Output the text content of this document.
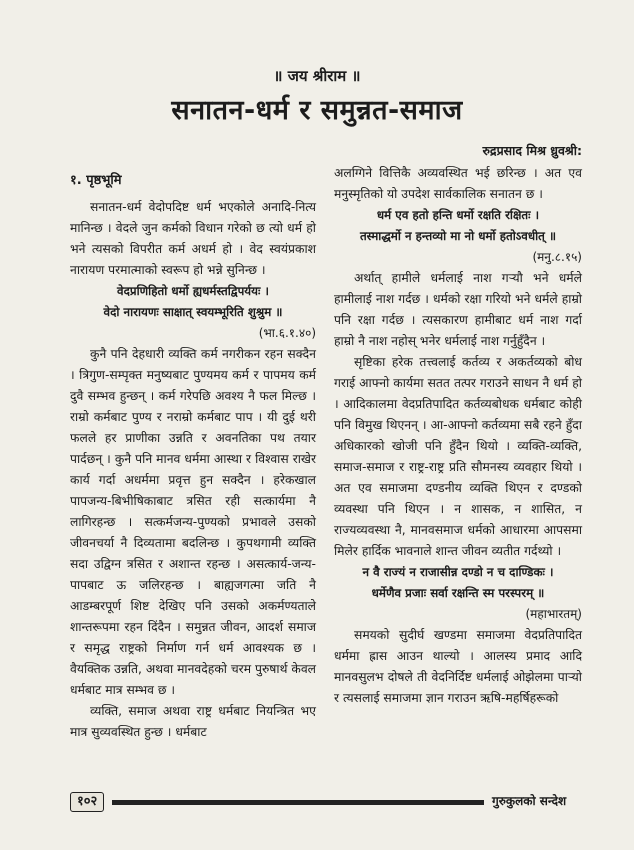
॥ जय श्रीराम ॥
सनातन-धर्म र समुन्नत-समाज
१. पृष्ठभूमि

सनातन-धर्म वेदोपदिष्ट धर्म भएकोले अनादि-नित्य मानिन्छ । वेदले जुन कर्मको विधान गरेको छ त्यो धर्म हो भने त्यसको विपरीत कर्म अधर्म हो । वेद स्वयंप्रकाश नारायण परमात्माको स्वरूप हो भन्ने सुनिन्छ ।

वेदप्रणिहितो धर्मो ह्यधर्मस्तद्विपर्ययः ।
वेदो नारायणः साक्षात् स्वयम्भूरिति शुश्रुम ॥
(भा.६.१.४०)

कुनै पनि देहधारी व्यक्ति कर्म नगरीकन रहन सक्दैन । त्रिगुण-सम्पृक्त मनुष्यबाट पुण्यमय कर्म र पापमय कर्म दुवै सम्भव हुन्छन् । कर्म गरेपछि अवश्य नै फल मिल्छ । राम्रो कर्मबाट पुण्य र नराम्रो कर्मबाट पाप । यी दुई थरी फलले हर प्राणीका उन्नति र अवनतिका पथ तयार पार्दछन् । कुनै पनि मानव धर्ममा आस्था र विश्वास राखेर कार्य गर्दा अधर्ममा प्रवृत्त हुन सक्दैन । हरेकखाल पापजन्य-बिभीषिकाबाट त्रसित रही सत्कार्यमा नै लागिरहन्छ । सत्कर्मजन्य-पुण्यको प्रभावले उसको जीवनचर्या नै दिव्यतामा बदलिन्छ । कुपथगामी व्यक्ति सदा उद्विग्न त्रसित र अशान्त रहन्छ । असत्कार्य-जन्य-पापबाट ऊ जलिरहन्छ । बाह्यजगत्मा जति नै आडम्बरपूर्ण शिष्ट देखिए पनि उसको अकर्मण्यताले शान्तरूपमा रहन दिंदैन । समुन्नत जीवन, आदर्श समाज र समृद्ध राष्ट्रको निर्माण गर्न धर्म आवश्यक छ । वैयक्तिक उन्नति, अथवा मानवदेहको चरम पुरुषार्थ केवल धर्मबाट मात्र सम्भव छ ।

व्यक्ति, समाज अथवा राष्ट्र धर्मबाट नियन्त्रित भए मात्र सुव्यवस्थित हुन्छ । धर्मबाट

रुद्रप्रसाद मिश्र ध्रुवश्री:

अलग्गिने वित्तिकै अव्यवस्थित भई छरिन्छ । अत एव मनुस्मृतिको यो उपदेश सार्वकालिक सनातन छ ।

धर्म एव हतो हन्ति धर्मो रक्षति रक्षितः ।
तस्माद्धर्मो न हन्तव्यो मा नो धर्मो हतोऽवधीत् ॥
(मनु.८.१५)

अर्थात् हामीले धर्मलाई नाश गऱ्यौ भने धर्मले हामीलाई नाश गर्दछ । धर्मको रक्षा गरियो भने धर्मले हाम्रो पनि रक्षा गर्दछ । त्यसकारण हामीबाट धर्म नाश गर्दा हाम्रो नै नाश नहोस् भनेर धर्मलाई नाश गर्नुहुँदैन ।

सृष्टिका हरेक तत्त्वलाई कर्तव्य र अकर्तव्यको बोध गराई आफ्नो कार्यमा सतत तत्पर गराउने साधन नै धर्म हो । आदिकालमा वेदप्रतिपादित कर्तव्यबोधक धर्मबाट कोही पनि विमुख थिएनन् । आ-आफ्नो कर्तव्यमा सबै रहने हुँदा अधिकारको खोजी पनि हुँदैन थियो । व्यक्ति-व्यक्ति, समाज-समाज र राष्ट्र-राष्ट्र प्रति सौमनस्य व्यवहार थियो । अत एव समाजमा दण्डनीय व्यक्ति थिएन र दण्डको व्यवस्था पनि थिएन । न शासक, न शासित, न राज्यव्यवस्था नै, मानवसमाज धर्मको आधारमा आपसमा मिलेर हार्दिक भावनाले शान्त जीवन व्यतीत गर्दथ्यो ।

न वै राज्यं न राजासीन्न दण्डो न च दाण्डिकः ।
धर्मेणैव प्रजाः सर्वा रक्षन्ति स्म परस्परम् ॥
(महाभारतम्)

समयको सुदीर्घ खण्डमा समाजमा वेदप्रतिपादित धर्ममा ह्रास आउन थाल्यो । आलस्य प्रमाद आदि मानवसुलभ दोषले ती वेदनिर्दिष्ट धर्मलाई ओझेलमा पाऱ्यो र त्यसलाई समाजमा ज्ञान गराउन ऋषि-महर्षिहरूको

१०२	गुरुकुलको सन्देश
